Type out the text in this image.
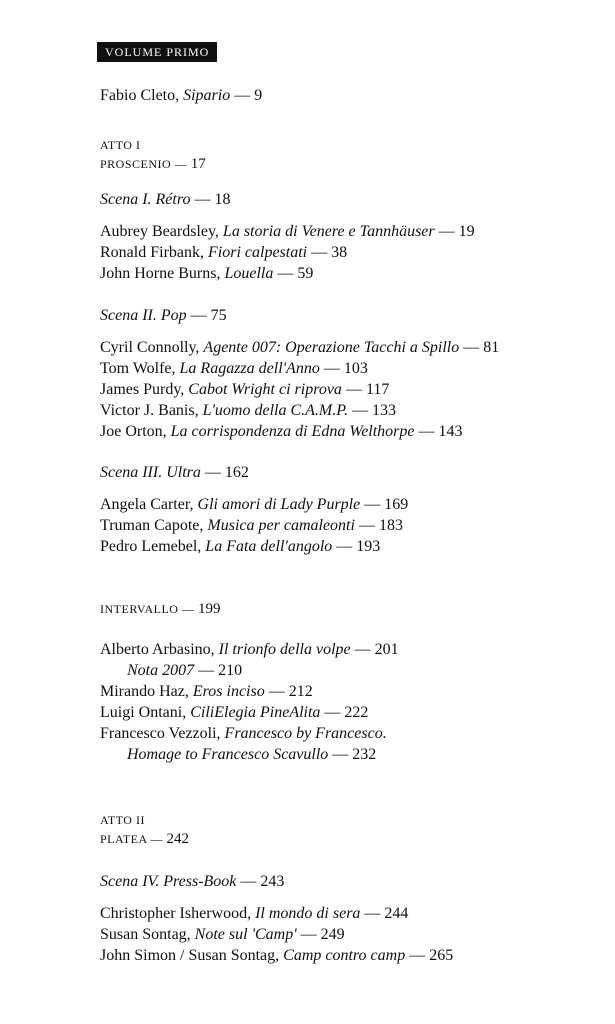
VOLUME PRIMO
Fabio Cleto, Sipario — 9
ATTO I
PROSCENIO — 17
Scena I. Rétro — 18
Aubrey Beardsley, La storia di Venere e Tannhäuser — 19
Ronald Firbank, Fiori calpestati — 38
John Horne Burns, Louella — 59
Scena II. Pop — 75
Cyril Connolly, Agente 007: Operazione Tacchi a Spillo — 81
Tom Wolfe, La Ragazza dell'Anno — 103
James Purdy, Cabot Wright ci riprova — 117
Victor J. Banis, L'uomo della C.A.M.P. — 133
Joe Orton, La corrispondenza di Edna Welthorpe — 143
Scena III. Ultra — 162
Angela Carter, Gli amori di Lady Purple — 169
Truman Capote, Musica per camaleonti — 183
Pedro Lemebel, La Fata dell'angolo — 193
INTERVALLO — 199
Alberto Arbasino, Il trionfo della volpe — 201
Nota 2007 — 210
Mirando Haz, Eros inciso — 212
Luigi Ontani, CiliElegia PineAlita — 222
Francesco Vezzoli, Francesco by Francesco.
Homage to Francesco Scavullo — 232
ATTO II
PLATEA — 242
Scena IV. Press-Book — 243
Christopher Isherwood, Il mondo di sera — 244
Susan Sontag, Note sul 'Camp' — 249
John Simon / Susan Sontag, Camp contro camp — 265
